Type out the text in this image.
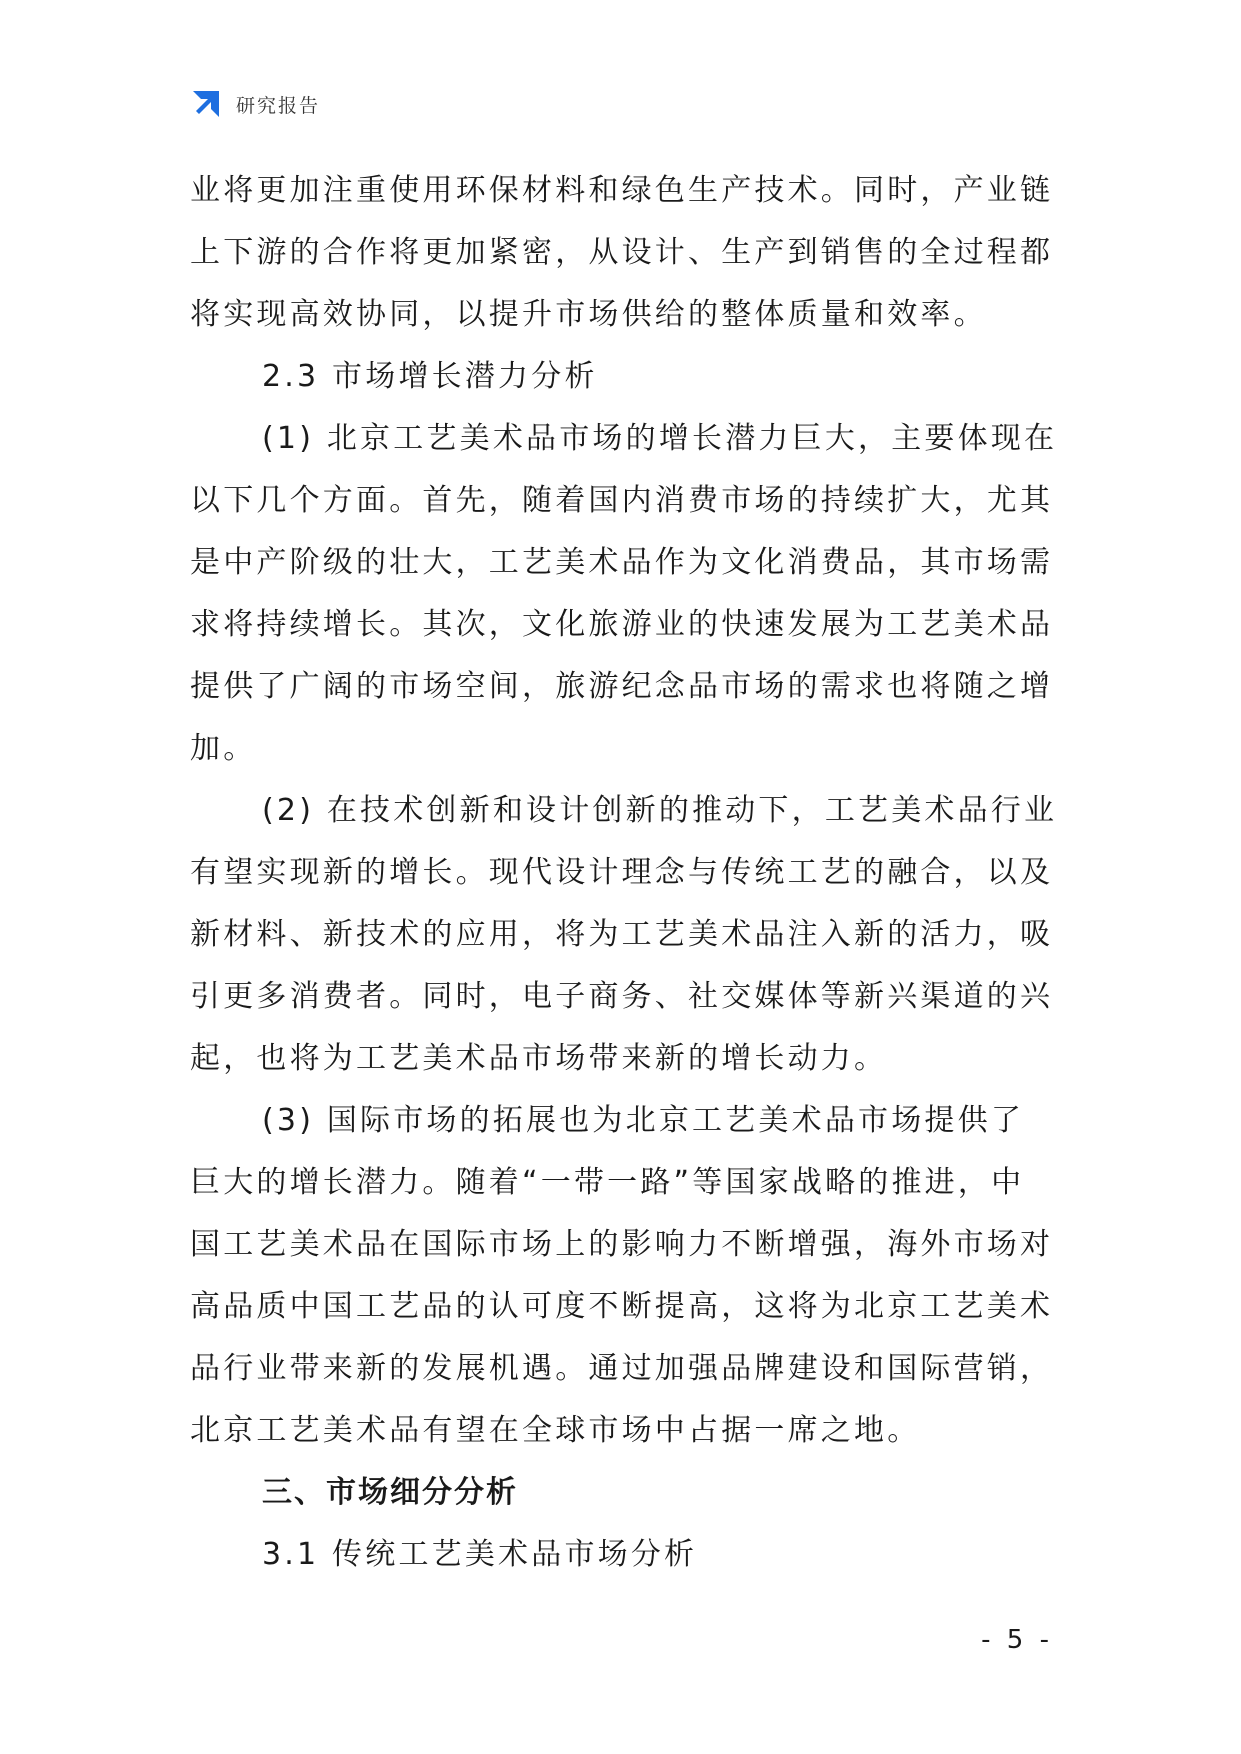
研究报告
业将更加注重使用环保材料和绿色生产技术。同时，产业链
上下游的合作将更加紧密，从设计、生产到销售的全过程都
将实现高效协同，以提升市场供给的整体质量和效率。
2.3 市场增长潜力分析
(1) 北京工艺美术品市场的增长潜力巨大，主要体现在
以下几个方面。首先，随着国内消费市场的持续扩大，尤其
是中产阶级的壮大，工艺美术品作为文化消费品，其市场需
求将持续增长。其次，文化旅游业的快速发展为工艺美术品
提供了广阔的市场空间，旅游纪念品市场的需求也将随之增
加。
(2) 在技术创新和设计创新的推动下，工艺美术品行业
有望实现新的增长。现代设计理念与传统工艺的融合，以及
新材料、新技术的应用，将为工艺美术品注入新的活力，吸
引更多消费者。同时，电子商务、社交媒体等新兴渠道的兴
起，也将为工艺美术品市场带来新的增长动力。
(3) 国际市场的拓展也为北京工艺美术品市场提供了
巨大的增长潜力。随着“一带一路”等国家战略的推进，中
国工艺美术品在国际市场上的影响力不断增强，海外市场对
高品质中国工艺品的认可度不断提高，这将为北京工艺美术
品行业带来新的发展机遇。通过加强品牌建设和国际营销，
北京工艺美术品有望在全球市场中占据一席之地。
三、市场细分分析
3.1 传统工艺美术品市场分析
- 5 -
